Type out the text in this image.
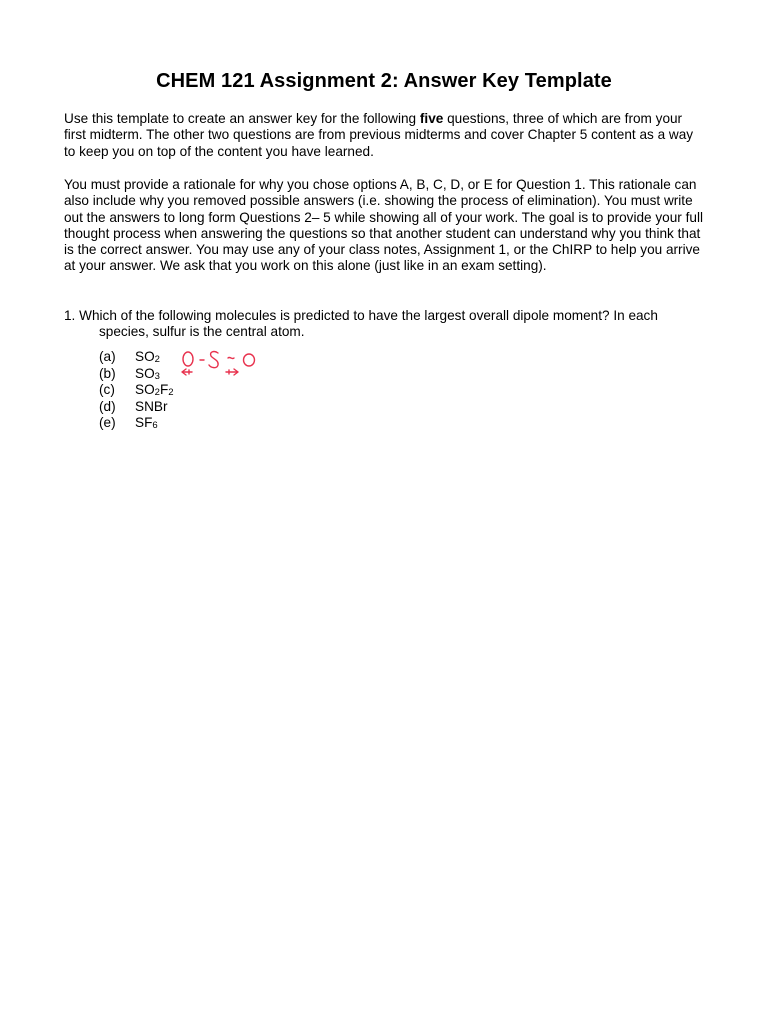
CHEM 121 Assignment 2: Answer Key Template
Use this template to create an answer key for the following five questions, three of which are from your first midterm. The other two questions are from previous midterms and cover Chapter 5 content as a way to keep you on top of the content you have learned.
You must provide a rationale for why you chose options A, B, C, D, or E for Question 1. This rationale can also include why you removed possible answers (i.e. showing the process of elimination). You must write out the answers to long form Questions 2– 5 while showing all of your work. The goal is to provide your full thought process when answering the questions so that another student can understand why you think that is the correct answer. You may use any of your class notes, Assignment 1, or the ChIRP to help you arrive at your answer. We ask that you work on this alone (just like in an exam setting).
1. Which of the following molecules is predicted to have the largest overall dipole moment? In each
species, sulfur is the central atom.
(a)	$SO_2$
(b)	$SO_3$
(c)	$SO_2F_2$
(d)	SNBr
(e)	$SF_6$
